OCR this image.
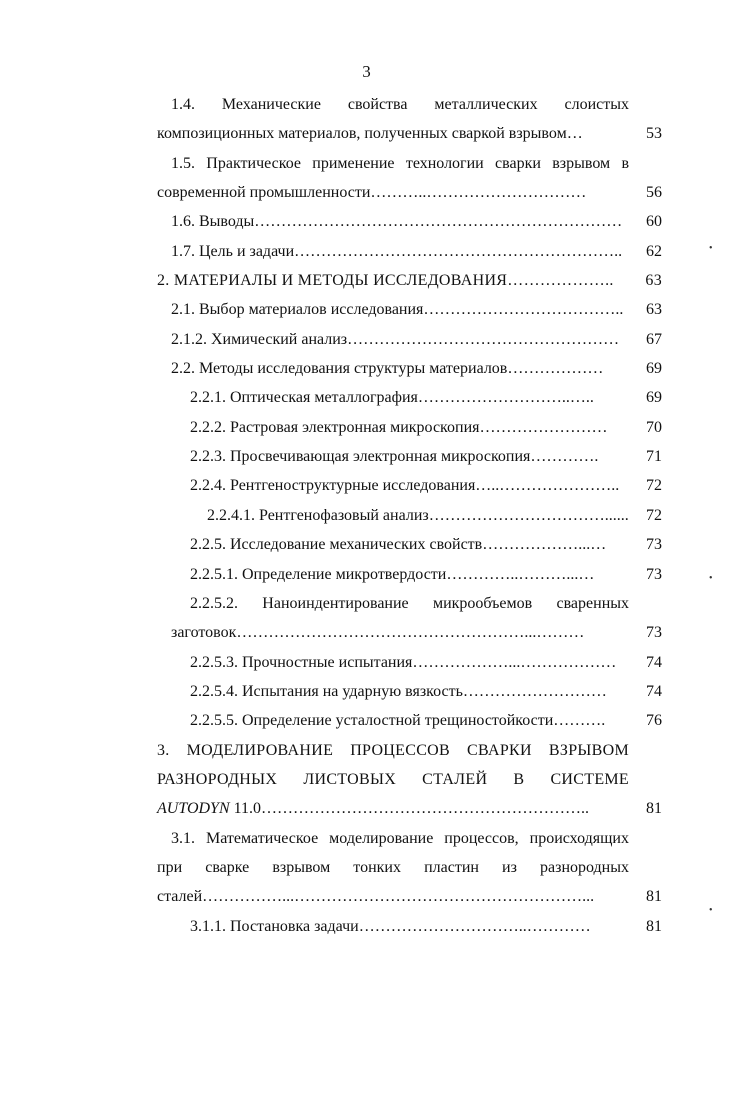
3
1.4. Механические свойства металлических слоистых
композиционных материалов, полученных сваркой взрывом…	53
1.5. Практическое применение технологии сварки взрывом в
современной промышленности………..…………………………	56
1.6. Выводы……………………………………………………………	60
1.7. Цель и задачи……………………………………………………..	62
2. МАТЕРИАЛЫ И МЕТОДЫ ИССЛЕДОВАНИЯ………………..	63
2.1. Выбор материалов исследования………………………………..	63
2.1.2. Химический анализ……………………………………………	67
2.2. Методы исследования структуры материалов………………	69
2.2.1. Оптическая металлография………………………..…..	69
2.2.2. Растровая электронная микроскопия……………………	70
2.2.3. Просвечивающая электронная микроскопия………….	71
2.2.4. Рентгеноструктурные исследования…..…………………..	72
2.2.4.1. Рентгенофазовый анализ……………………………......	72
2.2.5. Исследование механических свойств………………...…	73
2.2.5.1. Определение микротвердости…………..………...…	73
2.2.5.2. Наноиндентирование микрообъемов сваренных
заготовок………………………………………………...………	73
2.2.5.3. Прочностные испытания………………...………………	74
2.2.5.4. Испытания на ударную вязкость………………………	74
2.2.5.5. Определение усталостной трещиностойкости……….	76
3. МОДЕЛИРОВАНИЕ ПРОЦЕССОВ СВАРКИ ВЗРЫВОМ
РАЗНОРОДНЫХ ЛИСТОВЫХ СТАЛЕЙ В СИСТЕМЕ
AUTODYN 11.0……………………………………………………..	81
3.1. Математическое моделирование процессов, происходящих
при сварке взрывом тонких пластин из разнородных
сталей……………...………………………………………………...	81
3.1.1. Постановка задачи…………………………..…………	81
•
•
•
